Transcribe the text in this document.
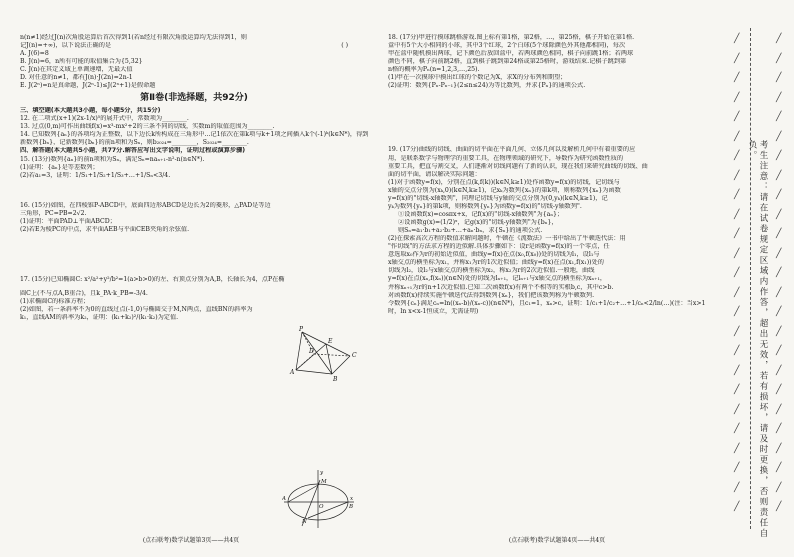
n(n≠1)经过J(n)次角股运算后首次得到1(若n经过有限次角股运算均无法得到1，则

记J(n)=+∞)，以下说法正确的是	( )

A. J(6)=8

B. J(n)=6，n所有可能的取值集合为{5,32}

C. J(n)在其定义域上单调递增，无最大值

D. 对任意的n≠1，都有J(n)·J(2n)=2n-1

E. J(2ⁿ)=n是真命题，J(2ⁿ-1)≤J(2ⁿ+1)是假命题

第Ⅱ卷(非选择题，共92分)

三、填空题(本大题共3小题，每小题5分，共15分)

12. 在二项式(x+1)(2x-1/x)⁵的展开式中，常数项为________.

13. 过点(0,m)可作出曲线f(x)=x³-mx²+2的三条不同的切线，实数m的取值范围为________.

14. 已知数列{aₙ}的各项均为正整数，以下边长k所构成在三角形中...记1依次在第k项与k+1项之间插入k个(-1)ᵏ(k∈N*)，得到

新数列{bₙ}，记新数列{bₙ}的前n项和为Sₙ，则b₂₀₂₄=________，S₂₀₂₄=________.

四、解答题(本大题共5小题，共77分.解答应写出文字说明，证明过程或演算步骤)

15. (13分)数列{aₙ}的前n项和为Sₙ，满足Sₙ=naₙ₊₁-n²-n(n∈N*).

(1)证明：{aₙ}是等差数列；

(2)若a₁=3，证明：1/S₁+1/S₂+1/S₃+…+1/Sₙ<3/4.

16. (15分)如图，在四棱锥P-ABCD中，底面四边形ABCD是边长为2的菱形，△PAD是等边

三角形，PC=PB=2√2.

(1)证明：平面PAD⊥平面ABCD；

(2)若E为棱PC的中点，求平面AEB与平面CEB夹角的余弦值.

17. (15分)已知椭圆C: x²/a²+y²/b²=1(a>b>0)的左、右顶点分别为A,B，长轴长为4，点P在椭

圆C上(不与点A,B重合)，且k_PA·k_PB=-3/4.

(1)求椭圆C的标准方程；

(2)如图，若一条斜率不为0的直线过点(-1,0)与椭圆交于M,N两点，直线BN的斜率为

k₁，直线AM的斜率为k₂，证明：(k₁+k₂)²/(k₁·k₂)为定值.

(点石联考)数学试题第3页——共4页
P
E
D
C
A
B
y
x
M
N
A
O	B

18. (17分)甲进行摸球跳格游戏.图上标有第1格，第2格，…，第25格，棋子开始在第1格.

盒中有5个大小相同的小球，其中3个红球，2个白球(5个球除颜色外其他都相同)，每次

甲在盒中随机摸出两球，记下颜色后放回盒中，若两球颜色相同，棋子向前跳1格；若两球

颜色不同，棋子向前跳2格，直到棋子跳到第24格或第25格时，游戏结束.记棋子跳到第

n格的概率为Pₙ(n=1,2,3,…,25).

(1)甲在一次摸球中摸出红球的个数记为X，求X的分布列和期望；

(2)证明：数列{Pₙ-Pₙ₋₁}(2≤n≤24)为等比数列，并求{Pₙ}的通项公式.

19. (17分)曲线的切线、曲面的切平面在平面几何、立体几何以及解析几何中有着重要的应

用，是联系数学与物理学的重要工具，在物理领域的研究下，导数作为研究函数性质的

重要工具，把直与割交叉，人们逐渐对切线问题有了新的认识，现在我们来研究曲线的切线、曲

面的切平面，请以解决实际问题：

(1)对于函数y=f(x)，分别在点(k,f(k))(k∈N,k≥1)处作函数y=f(x)的切线，记切线与

x轴的交点分别为(xₖ,0)(k∈N,k≥1)，记xₖ为数列{xₙ}的第k项，则称数列{xₙ}为函数

y=f(x)的"切线-x轴数列"，同理记切线与y轴的交点分别为(0,yₖ)(k∈N,k≥1)，记

yₖ为数列{yₙ}的第k项，则称数列{yₙ}为函数y=f(x)的"切线-y轴数列".

①设函数f(x)=cosπx+x，记f(x)的"切线-x轴数列"为{aₙ}；

②设函数g(x)=(1/2)ˣ，记g(x)的"切线-y轴数列"为{bₙ}，

则Sₙ=a₁·b₁+a₂·b₂+…+aₙ·bₙ，求{Sₙ}的通项公式.

(2)在探索高次方程的数值求解问题时，牛顿在《流数法》一书中给出了牛顿迭代法：用

"作切线"的方法求方程的近似解.具体步骤如下：设r是函数y=f(x)的一个零点，任

意选取x₀作为r的初始近似值，曲线y=f(x)在点(x₀,f(x₀))处的切线为l₁，设l₁与

x轴交点的横坐标为x₁，并称x₁为r的1次近似值；曲线y=f(x)在点(x₁,f(x₁))处的

切线为l₂，设l₂与x轴交点的横坐标为x₂，称x₂为r的2次近似值.一般地，曲线

y=f(x)在点(xₙ,f(xₙ))(n∈N)处的切线为lₙ₊₁，记lₙ₊₁与x轴交点的横坐标为xₙ₊₁，

并称xₙ₊₁为r的n+1次近似值.已知二次函数f(x)有两个不相等的实根b,c，其中c>b.

对函数f(x)持续实施牛顿迭代法得到数列{xₙ}，我们把该数列称为牛顿数列.

令数列{cₙ}满足cₙ=ln((xₙ-b)/(xₙ-c))(n∈N*)，且c₁=1，xₙ>c，证明：1/c₁+1/c₂+…+1/cₙ<2/ln(…)(注：当x>1

时，ln x<x-1恒成立，无需证明)

(点石联考)数学试题第4页——共4页
╱
╱
╱
╱
╱
╱
╱
╱
╱
╱
╱
╱
╱
╱
╱
╱
╱
╱
╱
╱
╱
╱
╱
╱
╱	考生注意：请在试卷规定区域内作答，超出无效，若有损坏，请及时更换，否则责任自负。
╱
╱
╱
╱
╱
╱
╱
╱
╱
╱
╱
╱
╱
╱
╱
╱
╱
╱
╱
╱
╱
╱
╱
╱
╱
